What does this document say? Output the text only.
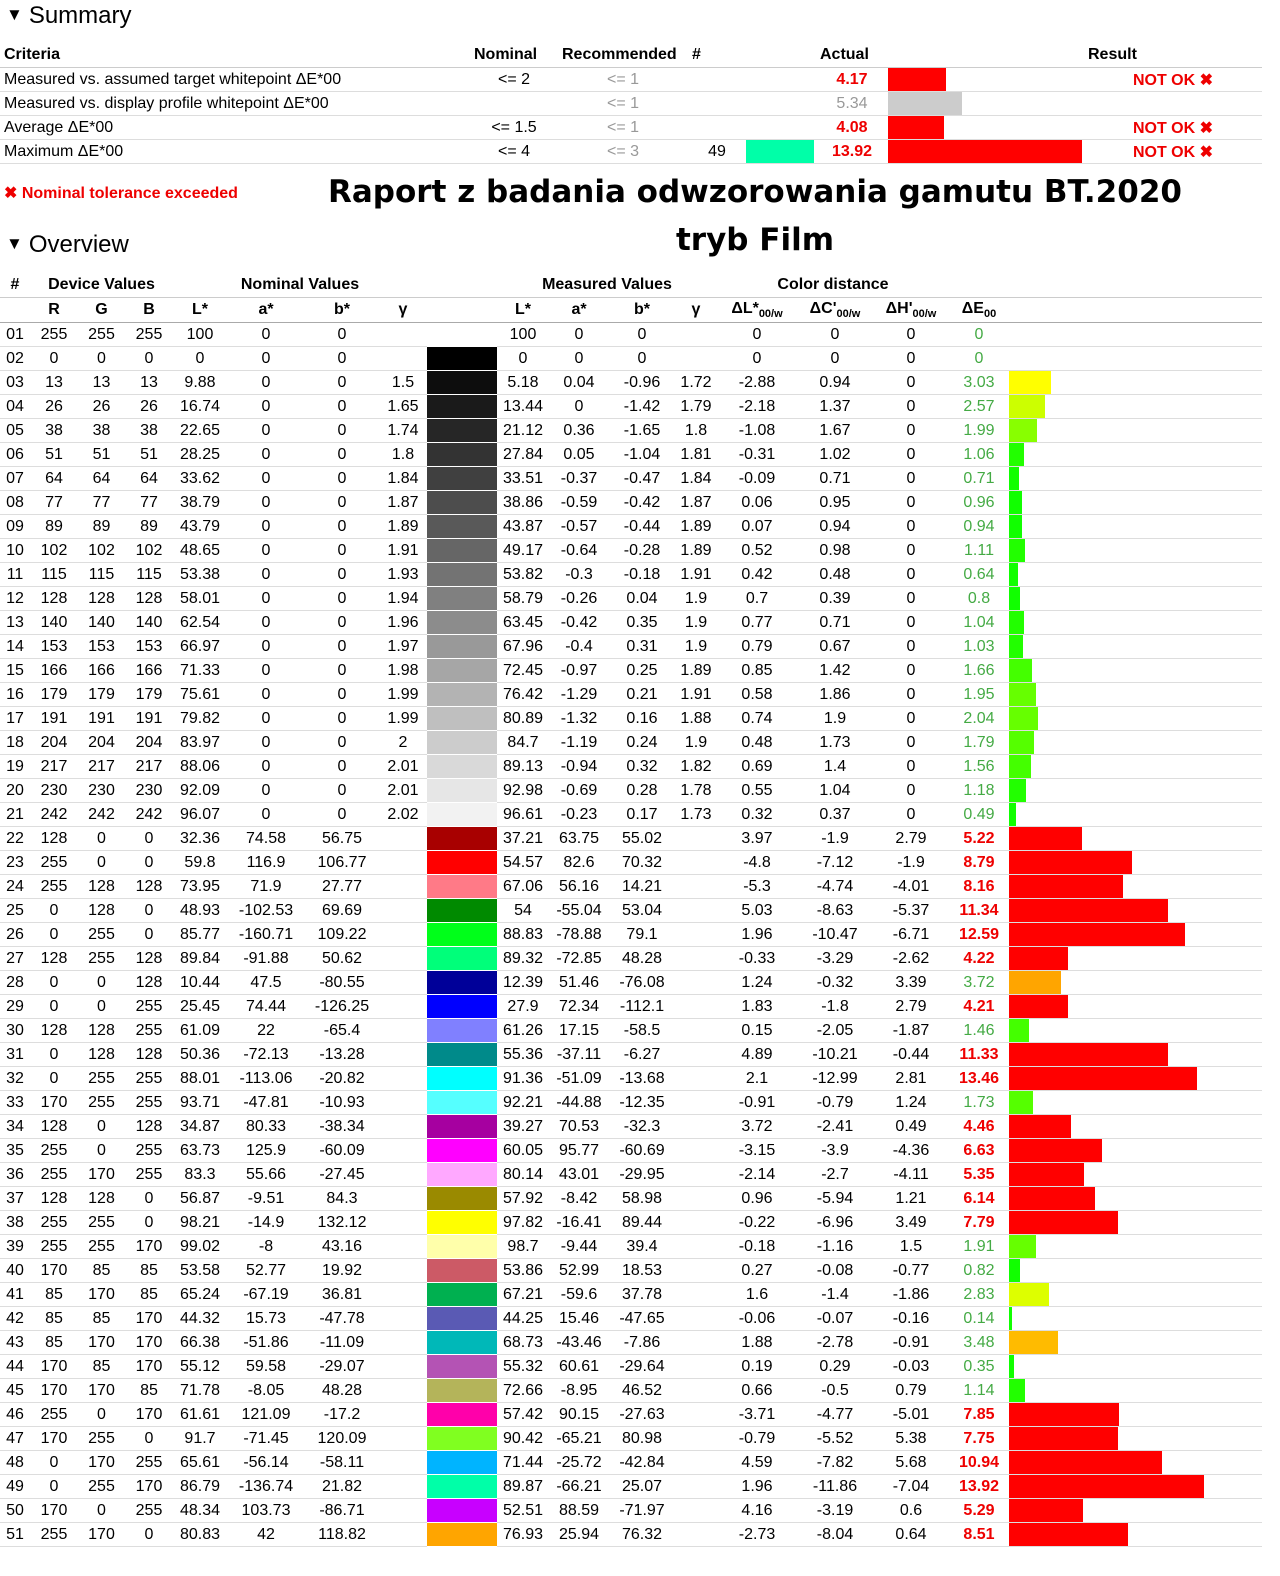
▼ Summary
Criteria	Nominal	Recommended	#		Actual		Result
Measured vs. assumed target whitepoint ΔE*00	<= 2	<= 1			4.17		NOT OK ✖
Measured vs. display profile whitepoint ΔE*00		<= 1			5.34	

Average ΔE*00	<= 1.5	<= 1			4.08		NOT OK ✖
Maximum ΔE*00	<= 4	<= 3	49		13.92		NOT OK ✖
✖ Nominal tolerance exceeded	Raport z badania odwzorowania gamutu BT.2020
tryb Film
▼ Overview
#	Device Values			Nominal Values					Measured Values				Color distance				
	R	G	B	L*	a*	b*	γ		L*	a*	b*	γ	$\Delta L*_{00/w}$	$\Delta C'_{00/w}$	$\Delta H'_{00/w}$	$\Delta E_{00}$	
01	255	255	255	100	0	0			100	0	0		0	0	0	0	
02	0	0	0	0	0	0			0	0	0		0	0	0	0	
03	13	13	13	9.88	0	0	1.5		5.18	0.04	-0.96	1.72	-2.88	0.94	0	3.03	

04	26	26	26	16.74	0	0	1.65		13.44	0	-1.42	1.79	-2.18	1.37	0	2.57	

05	38	38	38	22.65	0	0	1.74		21.12	0.36	-1.65	1.8	-1.08	1.67	0	1.99	

06	51	51	51	28.25	0	0	1.8		27.84	0.05	-1.04	1.81	-0.31	1.02	0	1.06	

07	64	64	64	33.62	0	0	1.84		33.51	-0.37	-0.47	1.84	-0.09	0.71	0	0.71	

08	77	77	77	38.79	0	0	1.87		38.86	-0.59	-0.42	1.87	0.06	0.95	0	0.96	

09	89	89	89	43.79	0	0	1.89		43.87	-0.57	-0.44	1.89	0.07	0.94	0	0.94	

10	102	102	102	48.65	0	0	1.91		49.17	-0.64	-0.28	1.89	0.52	0.98	0	1.11	

11	115	115	115	53.38	0	0	1.93		53.82	-0.3	-0.18	1.91	0.42	0.48	0	0.64	

12	128	128	128	58.01	0	0	1.94		58.79	-0.26	0.04	1.9	0.7	0.39	0	0.8	

13	140	140	140	62.54	0	0	1.96		63.45	-0.42	0.35	1.9	0.77	0.71	0	1.04	

14	153	153	153	66.97	0	0	1.97		67.96	-0.4	0.31	1.9	0.79	0.67	0	1.03	

15	166	166	166	71.33	0	0	1.98		72.45	-0.97	0.25	1.89	0.85	1.42	0	1.66	

16	179	179	179	75.61	0	0	1.99		76.42	-1.29	0.21	1.91	0.58	1.86	0	1.95	

17	191	191	191	79.82	0	0	1.99		80.89	-1.32	0.16	1.88	0.74	1.9	0	2.04	

18	204	204	204	83.97	0	0	2		84.7	-1.19	0.24	1.9	0.48	1.73	0	1.79	

19	217	217	217	88.06	0	0	2.01		89.13	-0.94	0.32	1.82	0.69	1.4	0	1.56	

20	230	230	230	92.09	0	0	2.01		92.98	-0.69	0.28	1.78	0.55	1.04	0	1.18	

21	242	242	242	96.07	0	0	2.02		96.61	-0.23	0.17	1.73	0.32	0.37	0	0.49	

22	128	0	0	32.36	74.58	56.75			37.21	63.75	55.02		3.97	-1.9	2.79	5.22	

23	255	0	0	59.8	116.9	106.77			54.57	82.6	70.32		-4.8	-7.12	-1.9	8.79	

24	255	128	128	73.95	71.9	27.77			67.06	56.16	14.21		-5.3	-4.74	-4.01	8.16	

25	0	128	0	48.93	-102.53	69.69			54	-55.04	53.04		5.03	-8.63	-5.37	11.34	

26	0	255	0	85.77	-160.71	109.22			88.83	-78.88	79.1		1.96	-10.47	-6.71	12.59	

27	128	255	128	89.84	-91.88	50.62			89.32	-72.85	48.28		-0.33	-3.29	-2.62	4.22	

28	0	0	128	10.44	47.5	-80.55			12.39	51.46	-76.08		1.24	-0.32	3.39	3.72	

29	0	0	255	25.45	74.44	-126.25			27.9	72.34	-112.1		1.83	-1.8	2.79	4.21	

30	128	128	255	61.09	22	-65.4			61.26	17.15	-58.5		0.15	-2.05	-1.87	1.46	

31	0	128	128	50.36	-72.13	-13.28			55.36	-37.11	-6.27		4.89	-10.21	-0.44	11.33	

32	0	255	255	88.01	-113.06	-20.82			91.36	-51.09	-13.68		2.1	-12.99	2.81	13.46	

33	170	255	255	93.71	-47.81	-10.93			92.21	-44.88	-12.35		-0.91	-0.79	1.24	1.73	

34	128	0	128	34.87	80.33	-38.34			39.27	70.53	-32.3		3.72	-2.41	0.49	4.46	

35	255	0	255	63.73	125.9	-60.09			60.05	95.77	-60.69		-3.15	-3.9	-4.36	6.63	

36	255	170	255	83.3	55.66	-27.45			80.14	43.01	-29.95		-2.14	-2.7	-4.11	5.35	

37	128	128	0	56.87	-9.51	84.3			57.92	-8.42	58.98		0.96	-5.94	1.21	6.14	

38	255	255	0	98.21	-14.9	132.12			97.82	-16.41	89.44		-0.22	-6.96	3.49	7.79	

39	255	255	170	99.02	-8	43.16			98.7	-9.44	39.4		-0.18	-1.16	1.5	1.91	

40	170	85	85	53.58	52.77	19.92			53.86	52.99	18.53		0.27	-0.08	-0.77	0.82	

41	85	170	85	65.24	-67.19	36.81			67.21	-59.6	37.78		1.6	-1.4	-1.86	2.83	

42	85	85	170	44.32	15.73	-47.78			44.25	15.46	-47.65		-0.06	-0.07	-0.16	0.14	

43	85	170	170	66.38	-51.86	-11.09			68.73	-43.46	-7.86		1.88	-2.78	-0.91	3.48	

44	170	85	170	55.12	59.58	-29.07			55.32	60.61	-29.64		0.19	0.29	-0.03	0.35	

45	170	170	85	71.78	-8.05	48.28			72.66	-8.95	46.52		0.66	-0.5	0.79	1.14	

46	255	0	170	61.61	121.09	-17.2			57.42	90.15	-27.63		-3.71	-4.77	-5.01	7.85	

47	170	255	0	91.7	-71.45	120.09			90.42	-65.21	80.98		-0.79	-5.52	5.38	7.75	

48	0	170	255	65.61	-56.14	-58.11			71.44	-25.72	-42.84		4.59	-7.82	5.68	10.94	

49	0	255	170	86.79	-136.74	21.82			89.87	-66.21	25.07		1.96	-11.86	-7.04	13.92	

50	170	0	255	48.34	103.73	-86.71			52.51	88.59	-71.97		4.16	-3.19	0.6	5.29	

51	255	170	0	80.83	42	118.82			76.93	25.94	76.32		-2.73	-8.04	0.64	8.51	
